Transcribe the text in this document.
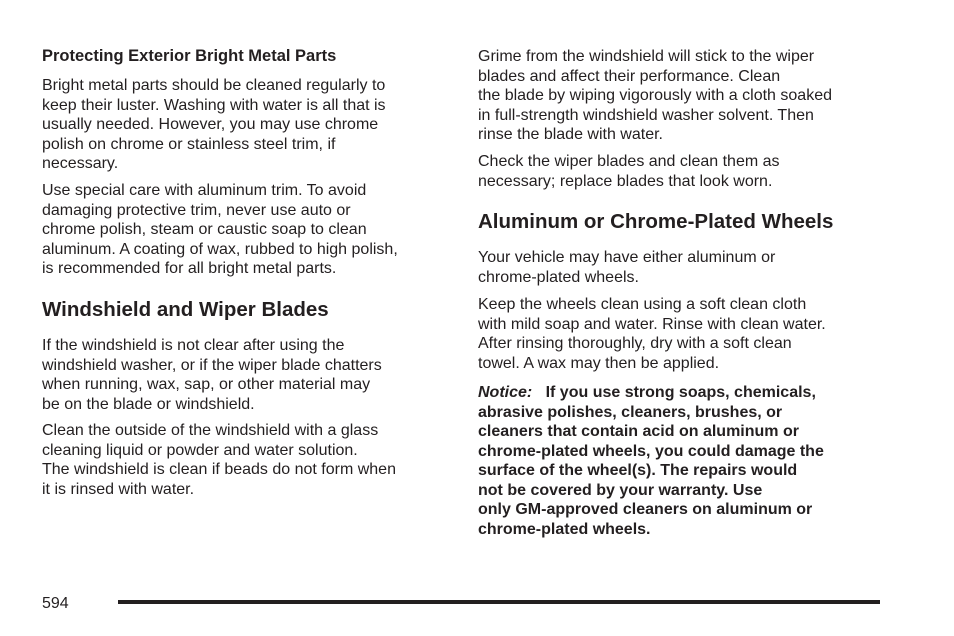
Protecting Exterior Bright Metal Parts
Bright metal parts should be cleaned regularly to
keep their luster. Washing with water is all that is
usually needed. However, you may use chrome
polish on chrome or stainless steel trim, if
necessary.
Use special care with aluminum trim. To avoid
damaging protective trim, never use auto or
chrome polish, steam or caustic soap to clean
aluminum. A coating of wax, rubbed to high polish,
is recommended for all bright metal parts.
Windshield and Wiper Blades
If the windshield is not clear after using the
windshield washer, or if the wiper blade chatters
when running, wax, sap, or other material may
be on the blade or windshield.
Clean the outside of the windshield with a glass
cleaning liquid or powder and water solution.
The windshield is clean if beads do not form when
it is rinsed with water.
Grime from the windshield will stick to the wiper
blades and affect their performance. Clean
the blade by wiping vigorously with a cloth soaked
in full-strength windshield washer solvent. Then
rinse the blade with water.
Check the wiper blades and clean them as
necessary; replace blades that look worn.
Aluminum or Chrome-Plated Wheels
Your vehicle may have either aluminum or
chrome-plated wheels.
Keep the wheels clean using a soft clean cloth
with mild soap and water. Rinse with clean water.
After rinsing thoroughly, dry with a soft clean
towel. A wax may then be applied.
Notice: If you use strong soaps, chemicals,
abrasive polishes, cleaners, brushes, or
cleaners that contain acid on aluminum or
chrome-plated wheels, you could damage the
surface of the wheel(s). The repairs would
not be covered by your warranty. Use
only GM-approved cleaners on aluminum or
chrome-plated wheels.
594
